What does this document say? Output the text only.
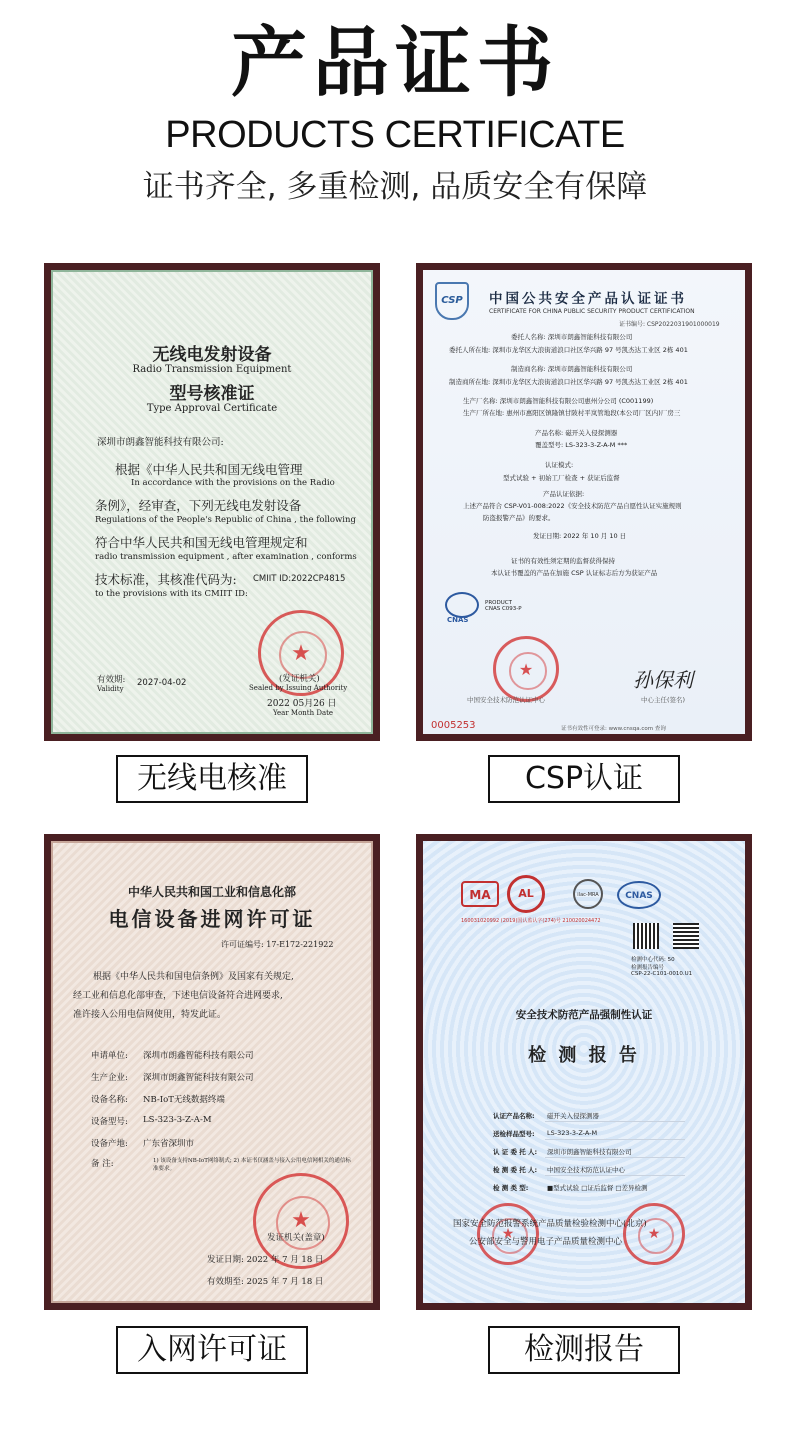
产品证书
PRODUCTS CERTIFICATE
证书齐全, 多重检测, 品质安全有保障
无线电发射设备
Radio Transmission Equipment
型号核准证
Type Approval Certificate
深圳市朗鑫智能科技有限公司:
根据《中华人民共和国无线电管理
In accordance with the provisions on the Radio
条例》，经审查，下列无线电发射设备
Regulations of the People's Republic of China , the following
符合中华人民共和国无线电管理规定和
radio transmission equipment , after examination , conforms
技术标准，其核准代码为: CMIIT ID:2022CP4815
to the provisions with its CMIIT ID:
★
(发证机关)
有效期:
Validity
2027-04-02	Sealed by Issuing Authority
2022 05月26 日
Year Month Date
无线电核准
CSP	中国公共安全产品认证证书
CERTIFICATE FOR CHINA PUBLIC SECURITY PRODUCT CERTIFICATION
证书编号: CSP2022031901000019
委托人名称: 深圳市朗鑫智能科技有限公司
委托人所在地: 深圳市龙华区大浪街道浪口社区华兴路 97 号凯杰达工业区 2栋 401
制造商名称: 深圳市朗鑫智能科技有限公司
制造商所在地: 深圳市龙华区大浪街道浪口社区华兴路 97 号凯杰达工业区 2栋 401
生产厂名称: 深圳市朗鑫智能科技有限公司惠州分公司 (C001199)
生产厂所在地: 惠州市惠阳区镇隆镇甘陂村平岚管地段(本公司厂区内)厂房三
产品名称: 磁开关入侵探测器
覆盖型号: LS-323-3-Z-A-M ***
认证模式:
型式试验 + 初始工厂检查 + 获证后监督
产品认证依据:
上述产品符合 CSP-V01-008:2022《安全技术防范产品自愿性认证实施规则
防盗报警产品》的要求。
发证日期: 2022 年 10 月 10 日
证书的有效性须定期的监督获得保持
本认证书覆盖的产品在加施 CSP 认证标志后方为获证产品
CNAS
PRODUCT CNAS C093-P
★	孙保利
中国安全技术防范认证中心	中心主任(签名)
0005253	证书有效性可登录: www.cnsqa.com 查询
CSP认证
中华人民共和国工业和信息化部
电信设备进网许可证
许可证编号: 17-E172-221922
根据《中华人民共和国电信条例》及国家有关规定,
经工业和信息化部审查，下述电信设备符合进网要求,
准许接入公用电信网使用，特发此证。
申请单位: 深圳市朗鑫智能科技有限公司
生产企业: 深圳市朗鑫智能科技有限公司
设备名称: NB-IoT无线数据终端
设备型号: LS-323-3-Z-A-M
设备产地: 广东省深圳市
备 注:	1) 该设备支持NB-IoT网络制式; 2) 本证书仅涵盖与接入公用电信网相关的通信标准要求。
★
发证机关(盖章)
发证日期: 2022 年 7 月 18 日
有效期至: 2025 年 7 月 18 日
入网许可证
MA	AL	ilac-MRA	CNAS
160031020992 (2019)国认监认字(274)号 210020024472
检测中心代码: 50
检测报告编号
CSP-22-C101-0010.U1
安全技术防范产品强制性认证
检 测 报 告
认证产品名称: 磁开关入侵探测器
送检样品型号: LS-323-3-Z-A-M
认 证 委 托 人: 深圳市朗鑫智能科技有限公司
检 测 委 托 人: 中国安全技术防范认证中心
检 测 类 型:	■型式试验 □证后监督 □差异检测
★	★
国家安全防范报警系统产品质量检验检测中心(北京)
公安部安全与警用电子产品质量检测中心
检测报告
